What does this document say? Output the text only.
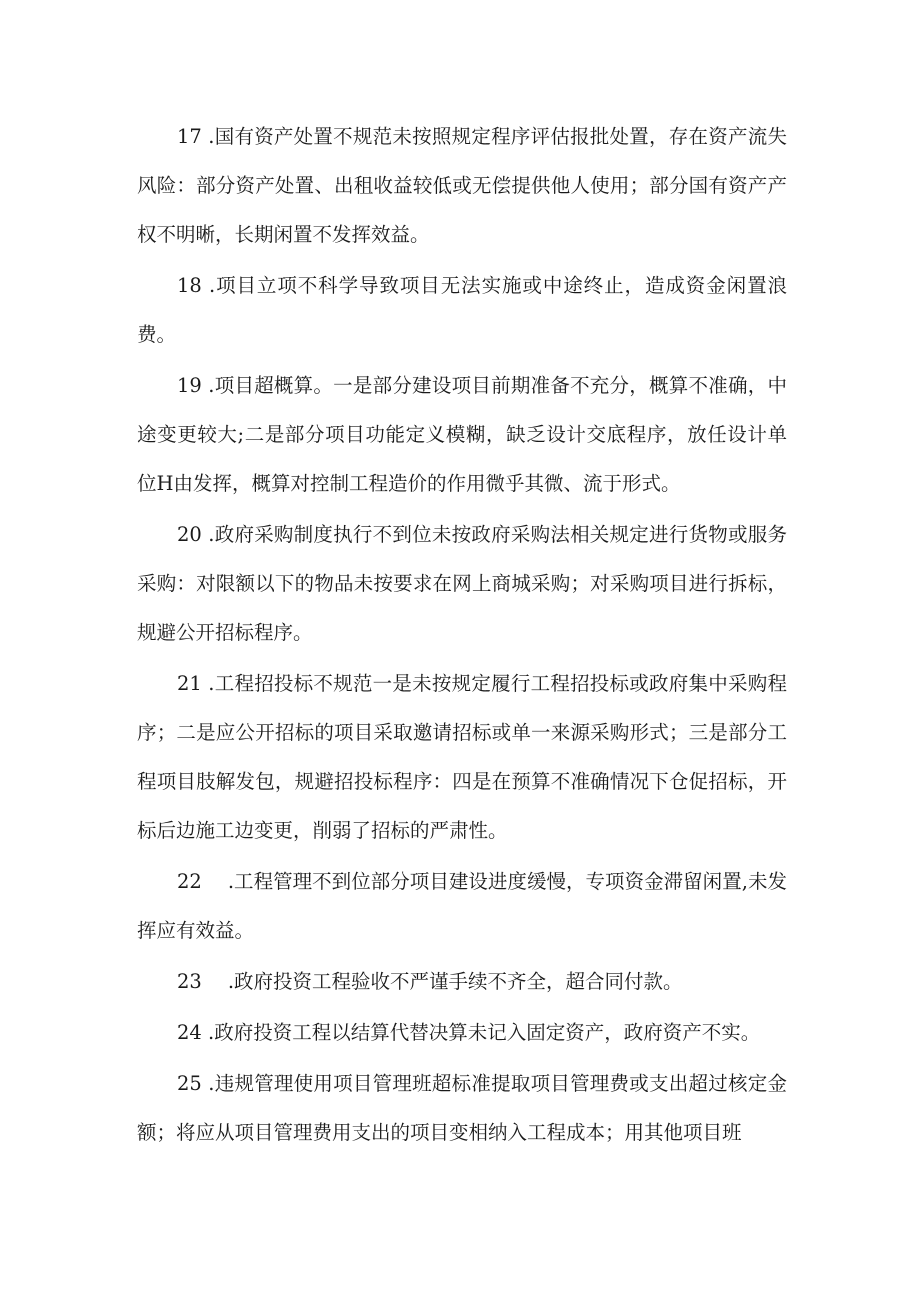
17 .国有资产处置不规范未按照规定程序评估报批处置，存在资产流失风险：部分资产处置、出租收益较低或无偿提供他人使用；部分国有资产产权不明晰，长期闲置不发挥效益。

18 .项目立项不科学导致项目无法实施或中途终止，造成资金闲置浪费。

19 .项目超概算。一是部分建设项目前期准备不充分，概算不准确，中途变更较大;二是部分项目功能定义模糊，缺乏设计交底程序，放任设计单位H由发挥，概算对控制工程造价的作用微乎其微、流于形式。

20 .政府采购制度执行不到位未按政府采购法相关规定进行货物或服务采购：对限额以下的物品未按要求在网上商城采购；对采购项目进行拆标，规避公开招标程序。

21 .工程招投标不规范一是未按规定履行工程招投标或政府集中采购程序；二是应公开招标的项目采取邀请招标或单一来源采购形式；三是部分工程项目肢解发包，规避招投标程序：四是在预算不准确情况下仓促招标，开标后边施工边变更，削弱了招标的严肃性。

22 .工程管理不到位部分项目建设进度缓慢，专项资金滞留闲置,未发挥应有效益。

23 .政府投资工程验收不严谨手续不齐全，超合同付款。

24 .政府投资工程以结算代替决算未记入固定资产，政府资产不实。

25 .违规管理使用项目管理班超标准提取项目管理费或支出超过核定金额；将应从项目管理费用支出的项目变相纳入工程成本；用其他项目班
